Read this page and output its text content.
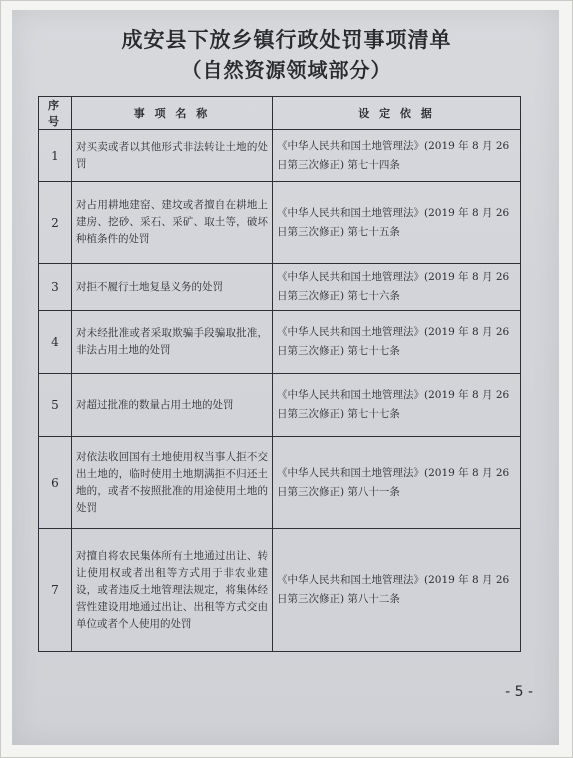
成安县下放乡镇行政处罚事项清单
（自然资源领域部分）
序号	事 项 名 称	设 定 依 据
1	对买卖或者以其他形式非法转让土地的处罚	《中华人民共和国土地管理法》(2019 年 8 月 26 日第三次修正) 第七十四条
2	对占用耕地建窑、建坟或者擅自在耕地上建房、挖砂、采石、采矿、取土等，破坏种植条件的处罚	《中华人民共和国土地管理法》(2019 年 8 月 26 日第三次修正) 第七十五条
3	对拒不履行土地复垦义务的处罚	《中华人民共和国土地管理法》(2019 年 8 月 26 日第三次修正) 第七十六条
4	对未经批准或者采取欺骗手段骗取批准，非法占用土地的处罚	《中华人民共和国土地管理法》(2019 年 8 月 26 日第三次修正) 第七十七条
5	对超过批准的数量占用土地的处罚	《中华人民共和国土地管理法》(2019 年 8 月 26 日第三次修正) 第七十七条
6	对依法收回国有土地使用权当事人拒不交出土地的，临时使用土地期满拒不归还土地的，或者不按照批准的用途使用土地的处罚	《中华人民共和国土地管理法》(2019 年 8 月 26 日第三次修正) 第八十一条
7	对擅自将农民集体所有土地通过出让、转让使用权或者出租等方式用于非农业建设，或者违反土地管理法规定，将集体经营性建设用地通过出让、出租等方式交由单位或者个人使用的处罚	《中华人民共和国土地管理法》(2019 年 8 月 26 日第三次修正) 第八十二条
- 5 -
